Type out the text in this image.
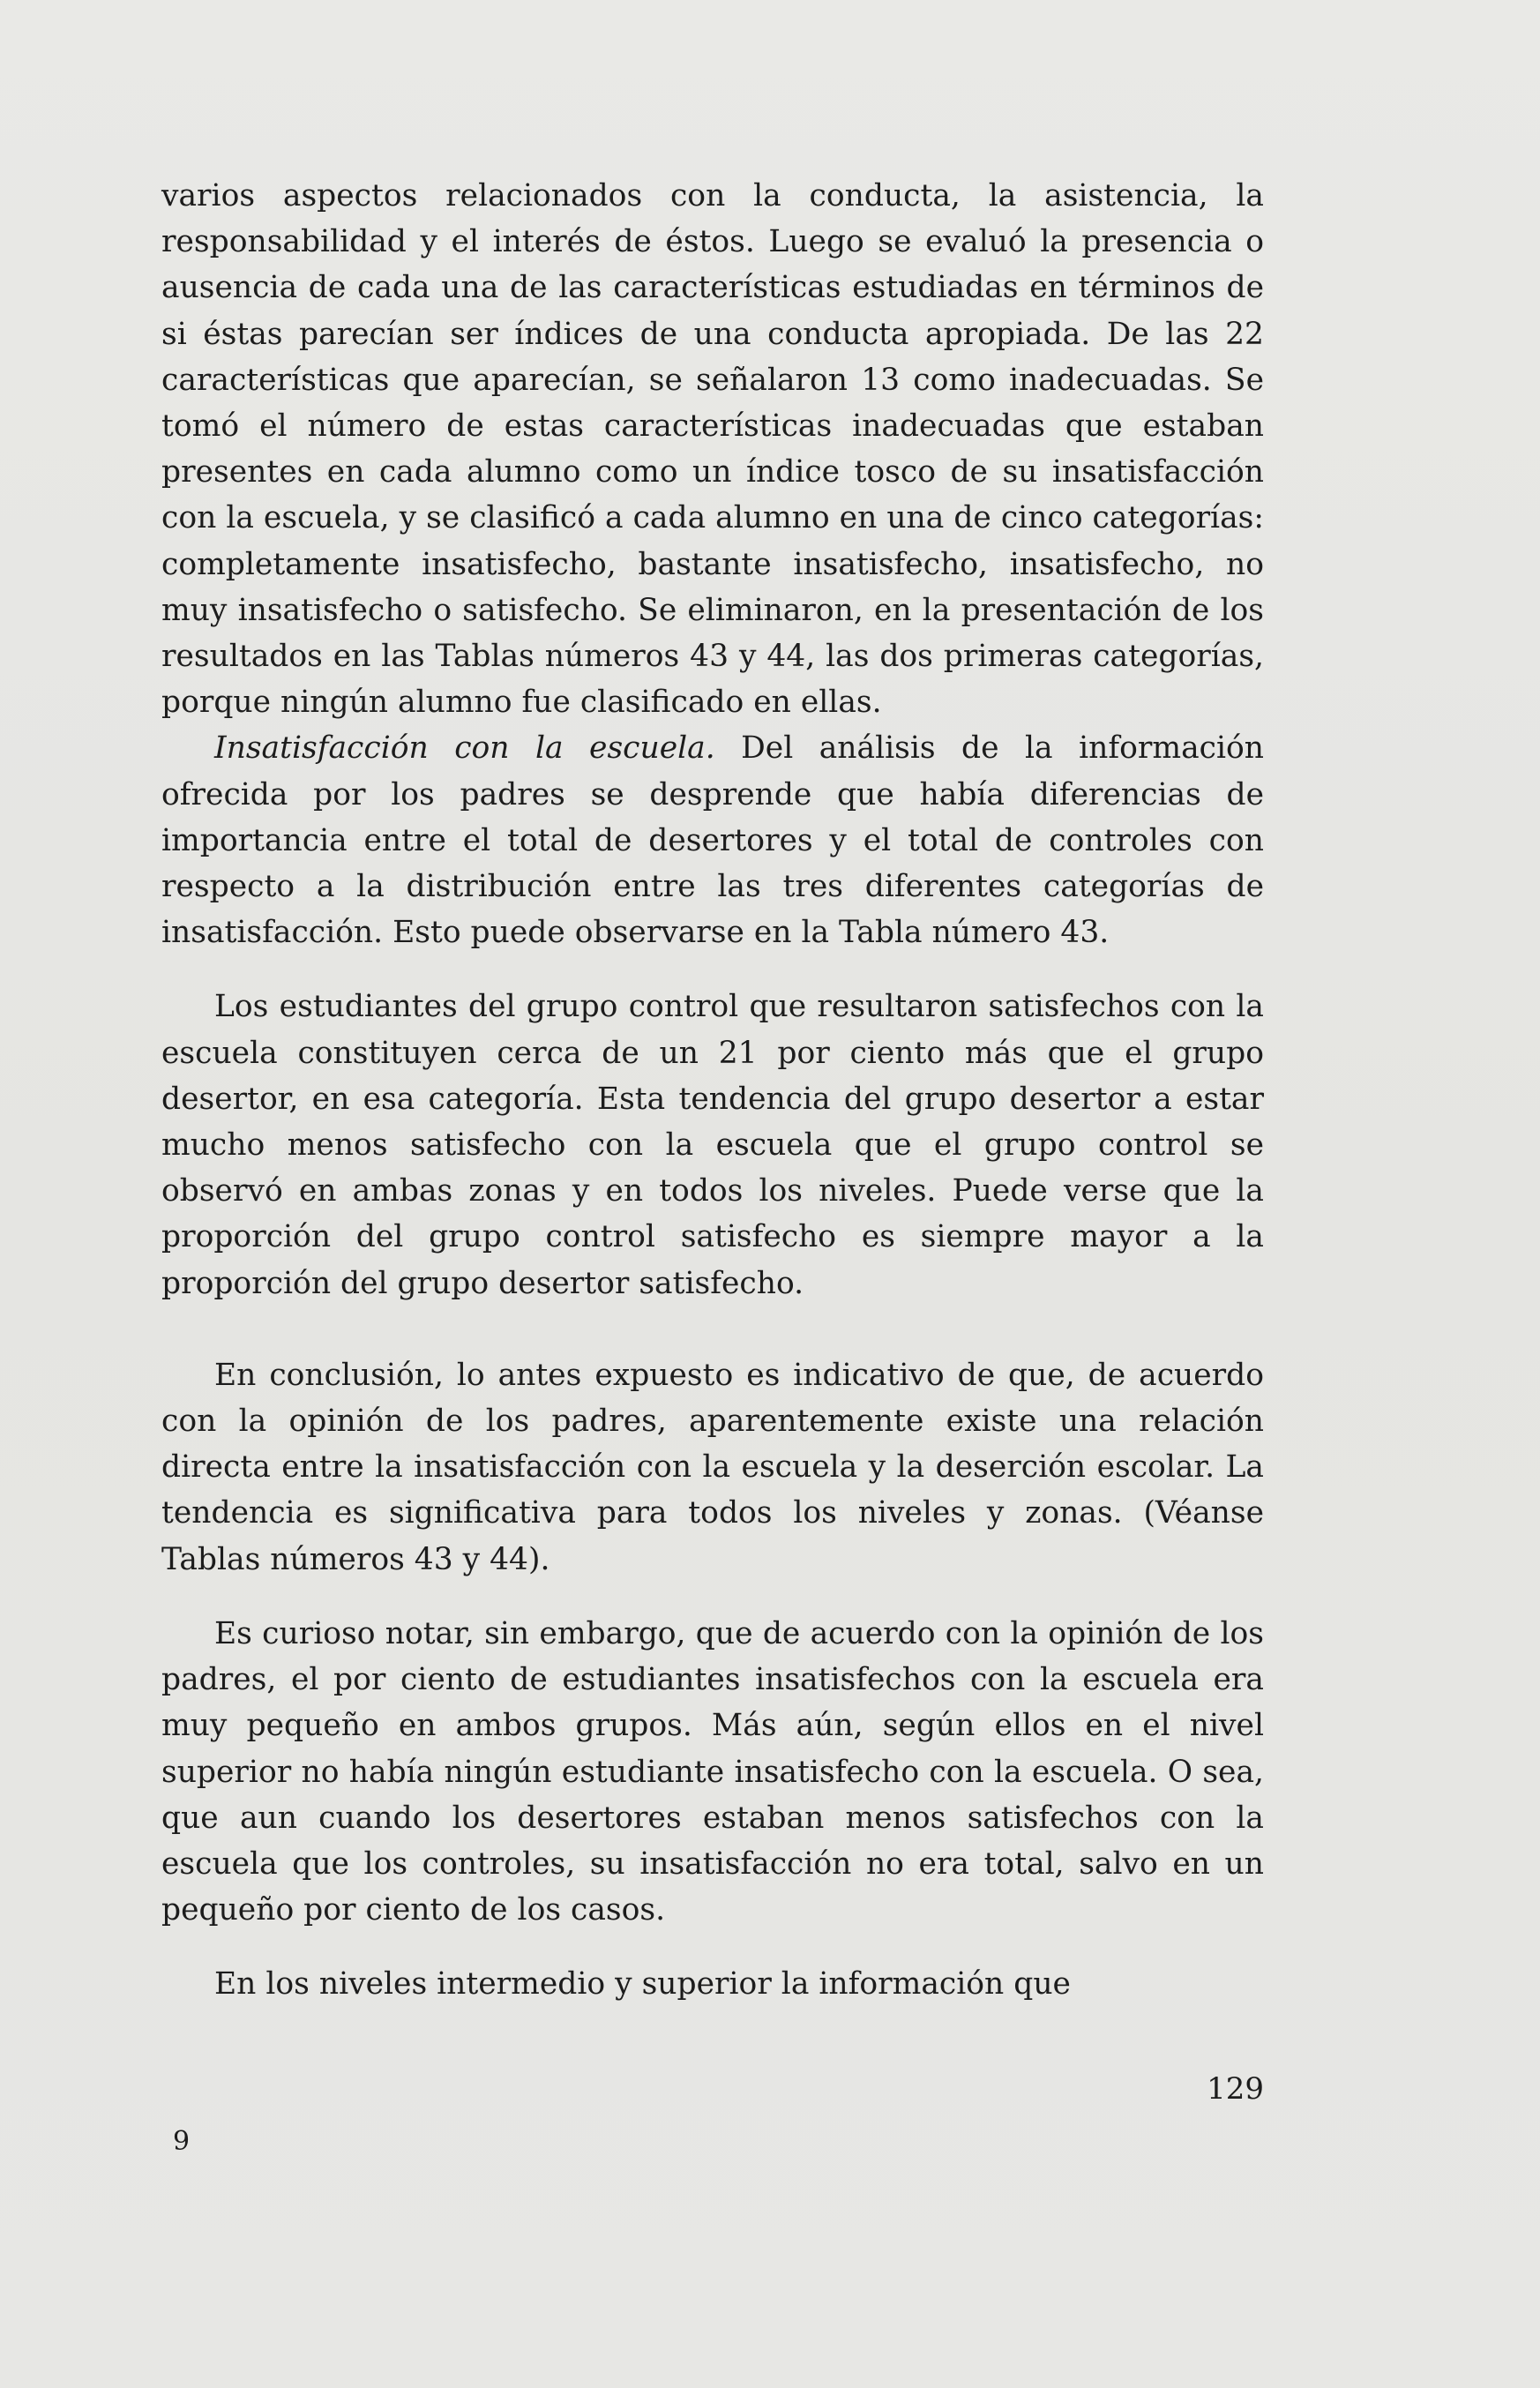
varios aspectos relacionados con la conducta, la asistencia, la responsabilidad y el interés de éstos. Luego se evaluó la presencia o ausencia de cada una de las características estudiadas en términos de si éstas parecían ser índices de una conducta apropiada. De las 22 características que aparecían, se señalaron 13 como inadecuadas. Se tomó el número de estas características inadecuadas que estaban presentes en cada alumno como un índice tosco de su insatisfacción con la escuela, y se clasificó a cada alumno en una de cinco categorías: completamente insatisfecho, bastante insatisfecho, insatisfecho, no muy insatisfecho o satisfecho. Se eliminaron, en la presentación de los resultados en las Tablas números 43 y 44, las dos primeras categorías, porque ningún alumno fue clasificado en ellas.

Insatisfacción con la escuela. Del análisis de la información ofrecida por los padres se desprende que había diferencias de importancia entre el total de desertores y el total de controles con respecto a la distribución entre las tres diferentes categorías de insatisfacción. Esto puede observarse en la Tabla número 43.

Los estudiantes del grupo control que resultaron satisfechos con la escuela constituyen cerca de un 21 por ciento más que el grupo desertor, en esa categoría. Esta tendencia del grupo desertor a estar mucho menos satisfecho con la escuela que el grupo control se observó en ambas zonas y en todos los niveles. Puede verse que la proporción del grupo control satisfecho es siempre mayor a la proporción del grupo desertor satisfecho.

En conclusión, lo antes expuesto es indicativo de que, de acuerdo con la opinión de los padres, aparentemente existe una relación directa entre la insatisfacción con la escuela y la deserción escolar. La tendencia es significativa para todos los niveles y zonas. (Véanse Tablas números 43 y 44).

Es curioso notar, sin embargo, que de acuerdo con la opinión de los padres, el por ciento de estudiantes insatisfechos con la escuela era muy pequeño en ambos grupos. Más aún, según ellos en el nivel superior no había ningún estudiante insatisfecho con la escuela. O sea, que aun cuando los desertores estaban menos satisfechos con la escuela que los controles, su insatisfacción no era total, salvo en un pequeño por ciento de los casos.

En los niveles intermedio y superior la información que

129
9
